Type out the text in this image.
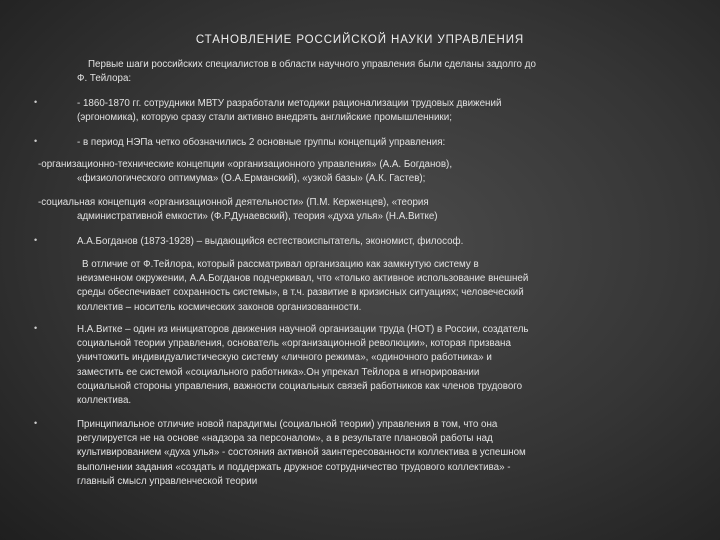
СТАНОВЛЕНИЕ РОССИЙСКОЙ НАУКИ УПРАВЛЕНИЯ
Первые шаги российских специалистов в области научного управления были сделаны задолго до
Ф. Тейлора:
•	- 1860-1870 гг. сотрудники МВТУ разработали методики рационализации трудовых движений
(эргономика), которую сразу стали активно внедрять английские промышленники;
•	- в период НЭПа четко обозначились 2 основные группы концепций управления:
-организационно-технические концепции «организационного управления» (А.А. Богданов),
«физиологического оптимума» (О.А.Ерманский), «узкой базы» (А.К. Гастев);
-социальная концепция «организационной деятельности» (П.М. Керженцев), «теория
административной емкости» (Ф.Р.Дунаевский), теория «духа улья» (Н.А.Витке)
•	А.А.Богданов (1873-1928) – выдающийся естествоиспытатель, экономист, философ.
В отличие от Ф.Тейлора, который рассматривал организацию как замкнутую систему в
неизменном окружении, А.А.Богданов подчеркивал, что «только активное использование внешней
среды обеспечивает сохранность системы», в т.ч. развитие в кризисных ситуациях; человеческий
коллектив – носитель космических законов организованности.
•	Н.А.Витке – один из инициаторов движения научной организации труда (НОТ) в России, создатель
социальной теории управления, основатель «организационной революции», которая призвана
уничтожить индивидуалистическую систему «личного режима», «одиночного работника» и
заместить ее системой «социального работника».Он упрекал Тейлора в игнорировании
социальной стороны управления, важности социальных связей работников как членов трудового
коллектива.
•	Принципиальное отличие новой парадигмы (социальной теории) управления в том, что она
регулируется не на основе «надзора за персоналом», а в результате плановой работы над
культивированием «духа улья» - состояния активной заинтересованности коллектива в успешном
выполнении задания «создать и поддержать дружное сотрудничество трудового коллектива» -
главный смысл управленческой теории
